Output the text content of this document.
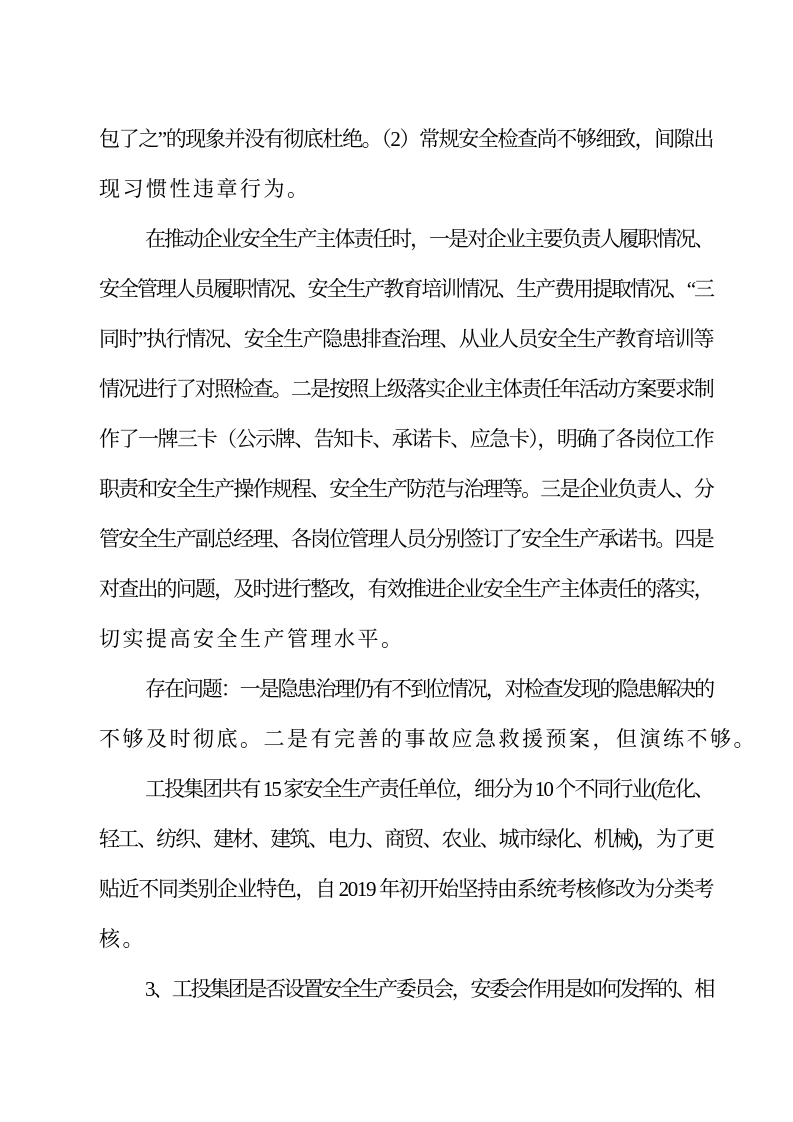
包了之”的现象并没有彻底杜绝。（2）常规安全检查尚不够细致，间隙出
现习惯性违章行为。
在推动企业安全生产主体责任时，一是对企业主要负责人履职情况、
安全管理人员履职情况、安全生产教育培训情况、生产费用提取情况、“三
同时”执行情况、安全生产隐患排查治理、从业人员安全生产教育培训等
情况进行了对照检查。二是按照上级落实企业主体责任年活动方案要求制
作了一牌三卡（公示牌、告知卡、承诺卡、应急卡），明确了各岗位工作
职责和安全生产操作规程、安全生产防范与治理等。三是企业负责人、分
管安全生产副总经理、各岗位管理人员分别签订了安全生产承诺书。四是
对查出的问题，及时进行整改，有效推进企业安全生产主体责任的落实，
切实提高安全生产管理水平。
存在问题：一是隐患治理仍有不到位情况，对检查发现的隐患解决的
不够及时彻底。二是有完善的事故应急救援预案，但演练不够。
工投集团共有 15 家安全生产责任单位，细分为 10 个不同行业(危化、
轻工、纺织、建材、建筑、电力、商贸、农业、城市绿化、机械)，为了更
贴近不同类别企业特色，自 2019 年初开始坚持由系统考核修改为分类考
核。
3、工投集团是否设置安全生产委员会，安委会作用是如何发挥的、相
